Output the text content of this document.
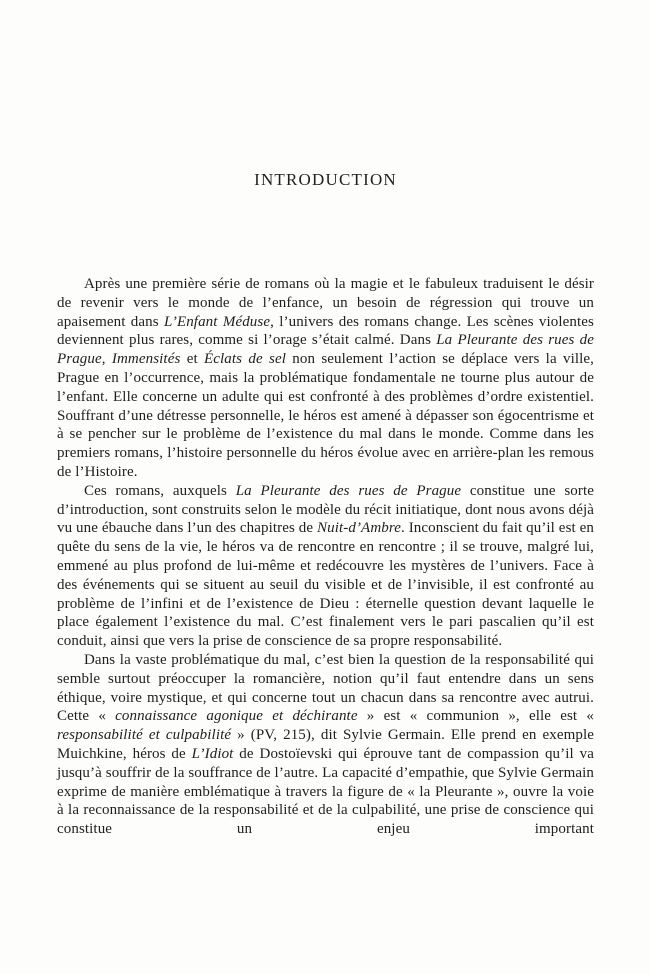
INTRODUCTION

Après une première série de romans où la magie et le fabuleux traduisent le désir de revenir vers le monde de l’enfance, un besoin de régression qui trouve un apaisement dans L’Enfant Méduse, l’univers des romans change. Les scènes violentes deviennent plus rares, comme si l’orage s’était calmé. Dans La Pleurante des rues de Prague, Immensités et Éclats de sel non seulement l’action se déplace vers la ville, Prague en l’occurrence, mais la problématique fondamentale ne tourne plus autour de l’enfant. Elle concerne un adulte qui est confronté à des problèmes d’ordre existentiel. Souffrant d’une détresse personnelle, le héros est amené à dépasser son égocentrisme et à se pencher sur le problème de l’existence du mal dans le monde. Comme dans les premiers romans, l’histoire personnelle du héros évolue avec en arrière-plan les remous de l’Histoire.

Ces romans, auxquels La Pleurante des rues de Prague constitue une sorte d’introduction, sont construits selon le modèle du récit initiatique, dont nous avons déjà vu une ébauche dans l’un des chapitres de Nuit-d’Ambre. Inconscient du fait qu’il est en quête du sens de la vie, le héros va de rencontre en rencontre ; il se trouve, malgré lui, emmené au plus profond de lui-même et redécouvre les mystères de l’univers. Face à des événements qui se situent au seuil du visible et de l’invisible, il est confronté au problème de l’infini et de l’existence de Dieu : éternelle question devant laquelle le place également l’existence du mal. C’est finalement vers le pari pascalien qu’il est conduit, ainsi que vers la prise de conscience de sa propre responsabilité.

Dans la vaste problématique du mal, c’est bien la question de la responsabilité qui semble surtout préoccuper la romancière, notion qu’il faut entendre dans un sens éthique, voire mystique, et qui concerne tout un chacun dans sa rencontre avec autrui. Cette « connaissance agonique et déchirante » est « communion », elle est « responsabilité et culpabilité » (PV, 215), dit Sylvie Germain. Elle prend en exemple Muichkine, héros de L’Idiot de Dostoïevski qui éprouve tant de compassion qu’il va jusqu’à souffrir de la souffrance de l’autre. La capacité d’empathie, que Sylvie Germain exprime de manière emblématique à travers la figure de « la Pleurante », ouvre la voie à la reconnaissance de la responsabilité et de la culpabilité, une prise de conscience qui constitue un enjeu important
